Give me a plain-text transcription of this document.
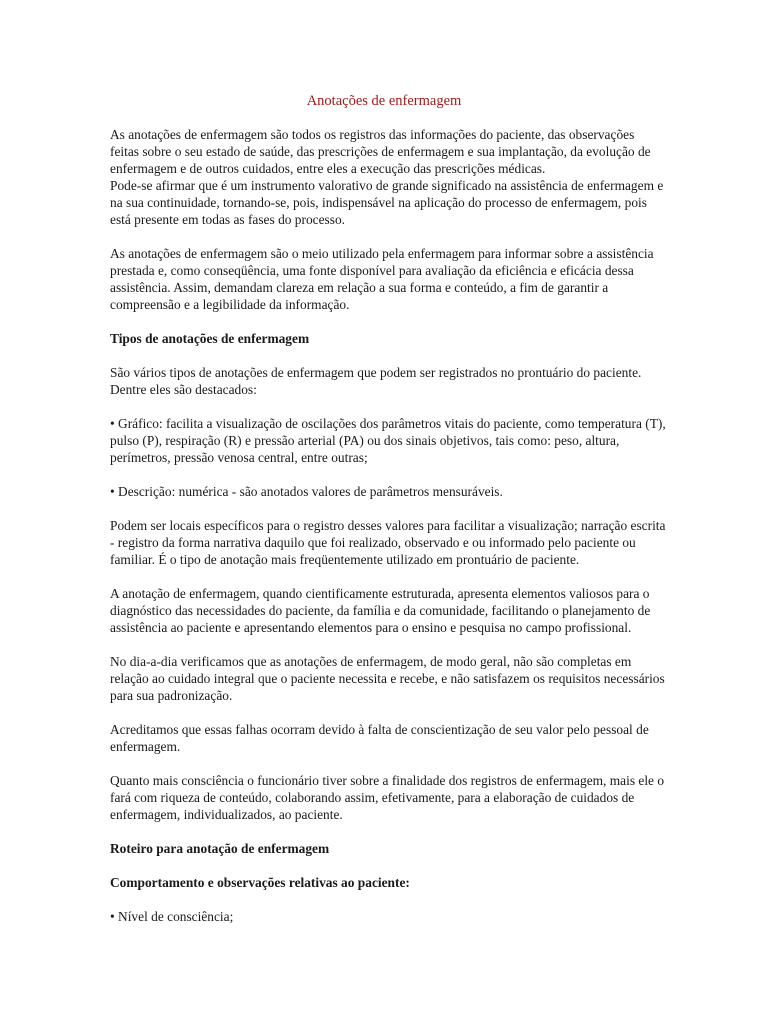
Anotações de enfermagem

As anotações de enfermagem são todos os registros das informações do paciente, das observações feitas sobre o seu estado de saúde, das prescrições de enfermagem e sua implantação, da evolução de enfermagem e de outros cuidados, entre eles a execução das prescrições médicas.

Pode-se afirmar que é um instrumento valorativo de grande significado na assistência de enfermagem e na sua continuidade, tornando-se, pois, indispensável na aplicação do processo de enfermagem, pois está presente em todas as fases do processo.

As anotações de enfermagem são o meio utilizado pela enfermagem para informar sobre a assistência prestada e, como conseqüência, uma fonte disponível para avaliação da eficiência e eficácia dessa assistência. Assim, demandam clareza em relação a sua forma e conteúdo, a fim de garantir a compreensão e a legibilidade da informação.

Tipos de anotações de enfermagem

São vários tipos de anotações de enfermagem que podem ser registrados no prontuário do paciente. Dentre eles são destacados:

• Gráfico: facilita a visualização de oscilações dos parâmetros vitais do paciente, como temperatura (T), pulso (P), respiração (R) e pressão arterial (PA) ou dos sinais objetivos, tais como: peso, altura, perímetros, pressão venosa central, entre outras;

• Descrição: numérica - são anotados valores de parâmetros mensuráveis.

Podem ser locais específicos para o registro desses valores para facilitar a visualização; narração escrita - registro da forma narrativa daquilo que foi realizado, observado e ou informado pelo paciente ou familiar. É o tipo de anotação mais freqüentemente utilizado em prontuário de paciente.

A anotação de enfermagem, quando cientificamente estruturada, apresenta elementos valiosos para o diagnóstico das necessidades do paciente, da família e da comunidade, facilitando o planejamento de assistência ao paciente e apresentando elementos para o ensino e pesquisa no campo profissional.

No dia-a-dia verificamos que as anotações de enfermagem, de modo geral, não são completas em relação ao cuidado integral que o paciente necessita e recebe, e não satisfazem os requisitos necessários para sua padronização.

Acreditamos que essas falhas ocorram devido à falta de conscientização de seu valor pelo pessoal de enfermagem.

Quanto mais consciência o funcionário tiver sobre a finalidade dos registros de enfermagem, mais ele o fará com riqueza de conteúdo, colaborando assim, efetivamente, para a elaboração de cuidados de enfermagem, individualizados, ao paciente.

Roteiro para anotação de enfermagem
Comportamento e observações relativas ao paciente:

• Nível de consciência;
